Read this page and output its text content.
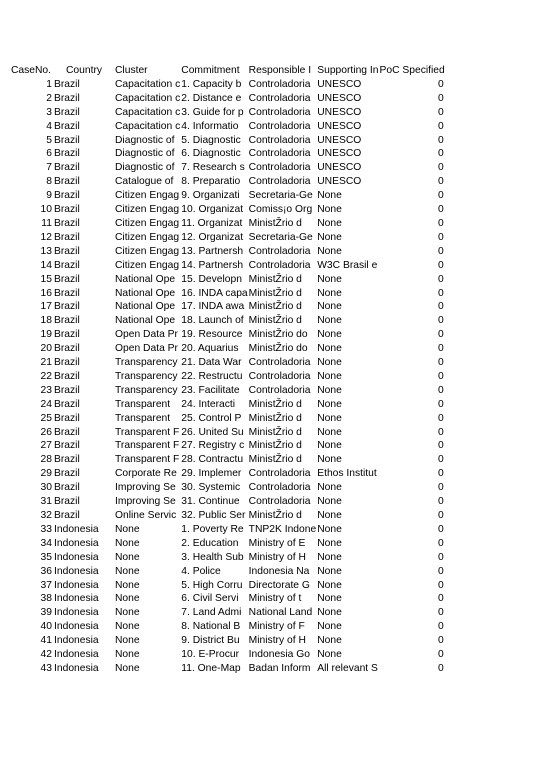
CaseNo.	Country	Cluster	Commitment	Responsible I	Supporting In	PoC Specified
1	Brazil	Capacitation c	1. Capacity b	Controladoria	UNESCO	0
2	Brazil	Capacitation c	2. Distance e	Controladoria	UNESCO	0
3	Brazil	Capacitation c	3. Guide for p	Controladoria	UNESCO	0
4	Brazil	Capacitation c	4. Informatio	Controladoria	UNESCO	0
5	Brazil	Diagnostic of	5. Diagnostic	Controladoria	UNESCO	0
6	Brazil	Diagnostic of	6. Diagnostic	Controladoria	UNESCO	0
7	Brazil	Diagnostic of	7. Research s	Controladoria	UNESCO	0
8	Brazil	Catalogue of	8. Preparatio	Controladoria	UNESCO	0
9	Brazil	Citizen Engag	9. Organizati	Secretaria-Ge	None	0
10	Brazil	Citizen Engag	10. Organizat	Comiss¡o Org	None	0
11	Brazil	Citizen Engag	11. Organizat	MinistŽrio d	None	0
12	Brazil	Citizen Engag	12. Organizat	Secretaria-Ge	None	0
13	Brazil	Citizen Engag	13. Partnersh	Controladoria	None	0
14	Brazil	Citizen Engag	14. Partnersh	Controladoria	W3C Brasil e	0
15	Brazil	National Ope	15. Developn	MinistŽrio d	None	0
16	Brazil	National Ope	16. INDA capa	MinistŽrio d	None	0
17	Brazil	National Ope	17. INDA awa	MinistŽrio d	None	0
18	Brazil	National Ope	18. Launch of	MinistŽrio d	None	0
19	Brazil	Open Data Pr	19. Resource	MinistŽrio do	None	0
20	Brazil	Open Data Pr	20. Aquarius	MinistŽrio do	None	0
21	Brazil	Transparency	21. Data War	Controladoria	None	0
22	Brazil	Transparency	22. Restructu	Controladoria	None	0
23	Brazil	Transparency	23. Facilitate	Controladoria	None	0
24	Brazil	Transparent	24. Interacti	MinistŽrio d	None	0
25	Brazil	Transparent	25. Control P	MinistŽrio d	None	0
26	Brazil	Transparent F	26. United Su	MinistŽrio d	None	0
27	Brazil	Transparent F	27. Registry c	MinistŽrio d	None	0
28	Brazil	Transparent F	28. Contractu	MinistŽrio d	None	0
29	Brazil	Corporate Re	29. Implemer	Controladoria	Ethos Institut	0
30	Brazil	Improving Se	30. Systemic	Controladoria	None	0
31	Brazil	Improving Se	31. Continue	Controladoria	None	0
32	Brazil	Online Servic	32. Public Ser	MinistŽrio d	None	0
33	Indonesia	None	1. Poverty Re	TNP2K Indone	None	0
34	Indonesia	None	2. Education	Ministry of E	None	0
35	Indonesia	None	3. Health Sub	Ministry of H	None	0
36	Indonesia	None	4. Police	Indonesia Na	None	0
37	Indonesia	None	5. High Corru	Directorate G	None	0
38	Indonesia	None	6. Civil Servi	Ministry of t	None	0
39	Indonesia	None	7. Land Admi	National Land	None	0
40	Indonesia	None	8. National B	Ministry of F	None	0
41	Indonesia	None	9. District Bu	Ministry of H	None	0
42	Indonesia	None	10. E-Procur	Indonesia Go	None	0
43	Indonesia	None	11. One-Map	Badan Inform	All relevant S	0
